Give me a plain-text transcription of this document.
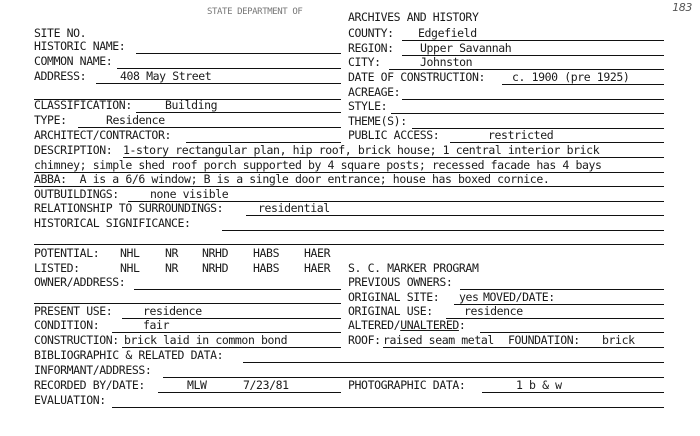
183
STATE DEPARTMENT OF	ARCHIVES AND HISTORY
SITE NO.
HISTORIC NAME:
COMMON NAME:
ADDRESS:	408 May Street
CLASSIFICATION:	Building
TYPE:	Residence
ARCHITECT/CONTRACTOR:
COUNTY: Edgefield
REGION: Upper Savannah
CITY:	Johnston
DATE OF CONSTRUCTION: c. 1900 (pre 1925)
ACREAGE:
STYLE:
THEME(S):
PUBLIC ACCESS:	restricted
DESCRIPTION: 1-story rectangular plan, hip roof, brick house; 1 central interior brick
chimney; simple shed roof porch supported by 4 square posts; recessed facade has 4 bays
ABBA:  A is a 6/6 window; B is a single door entrance; house has boxed cornice.
OUTBUILDINGS:	none visible
RELATIONSHIP TO SURROUNDINGS:	residential
HISTORICAL SIGNIFICANCE:
POTENTIAL: NHL NR NRHD HABS HAER
LISTED:	NHL NR NRHD HABS HAER S. C. MARKER PROGRAM
OWNER/ADDRESS:	PREVIOUS OWNERS:
ORIGINAL SITE: yes MOVED/DATE:
PRESENT USE:	residence	ORIGINAL USE:	residence
CONDITION:	fair	ALTERED/UNALTERED:
CONSTRUCTION: brick laid in common bond	ROOF: raised seam metal FOUNDATION: brick
BIBLIOGRAPHIC & RELATED DATA:
INFORMANT/ADDRESS:
RECORDED BY/DATE:	MLW	7/23/81	PHOTOGRAPHIC DATA:	1 b & w
EVALUATION:
